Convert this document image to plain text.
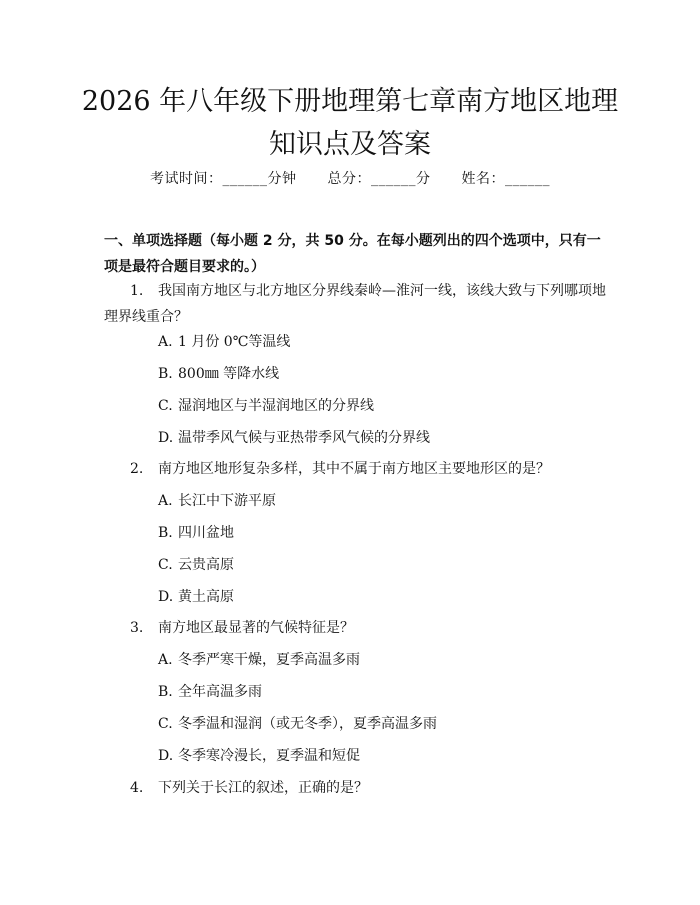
2026 年八年级下册地理第七章南方地区地理
知识点及答案
考试时间：______分钟 总分：______分 姓名：______
一、单项选择题（每小题 2 分，共 50 分。在每小题列出的四个选项中，只有一项是最符合题目要求的。）
1. 我国南方地区与北方地区分界线秦岭—淮河一线，该线大致与下列哪项地理界线重合？
A. 1 月份 0℃等温线
B. 800㎜ 等降水线
C. 湿润地区与半湿润地区的分界线
D. 温带季风气候与亚热带季风气候的分界线
2. 南方地区地形复杂多样，其中不属于南方地区主要地形区的是？
A. 长江中下游平原
B. 四川盆地
C. 云贵高原
D. 黄土高原
3. 南方地区最显著的气候特征是？
A. 冬季严寒干燥，夏季高温多雨
B. 全年高温多雨
C. 冬季温和湿润（或无冬季），夏季高温多雨
D. 冬季寒冷漫长，夏季温和短促
4. 下列关于长江的叙述，正确的是？
